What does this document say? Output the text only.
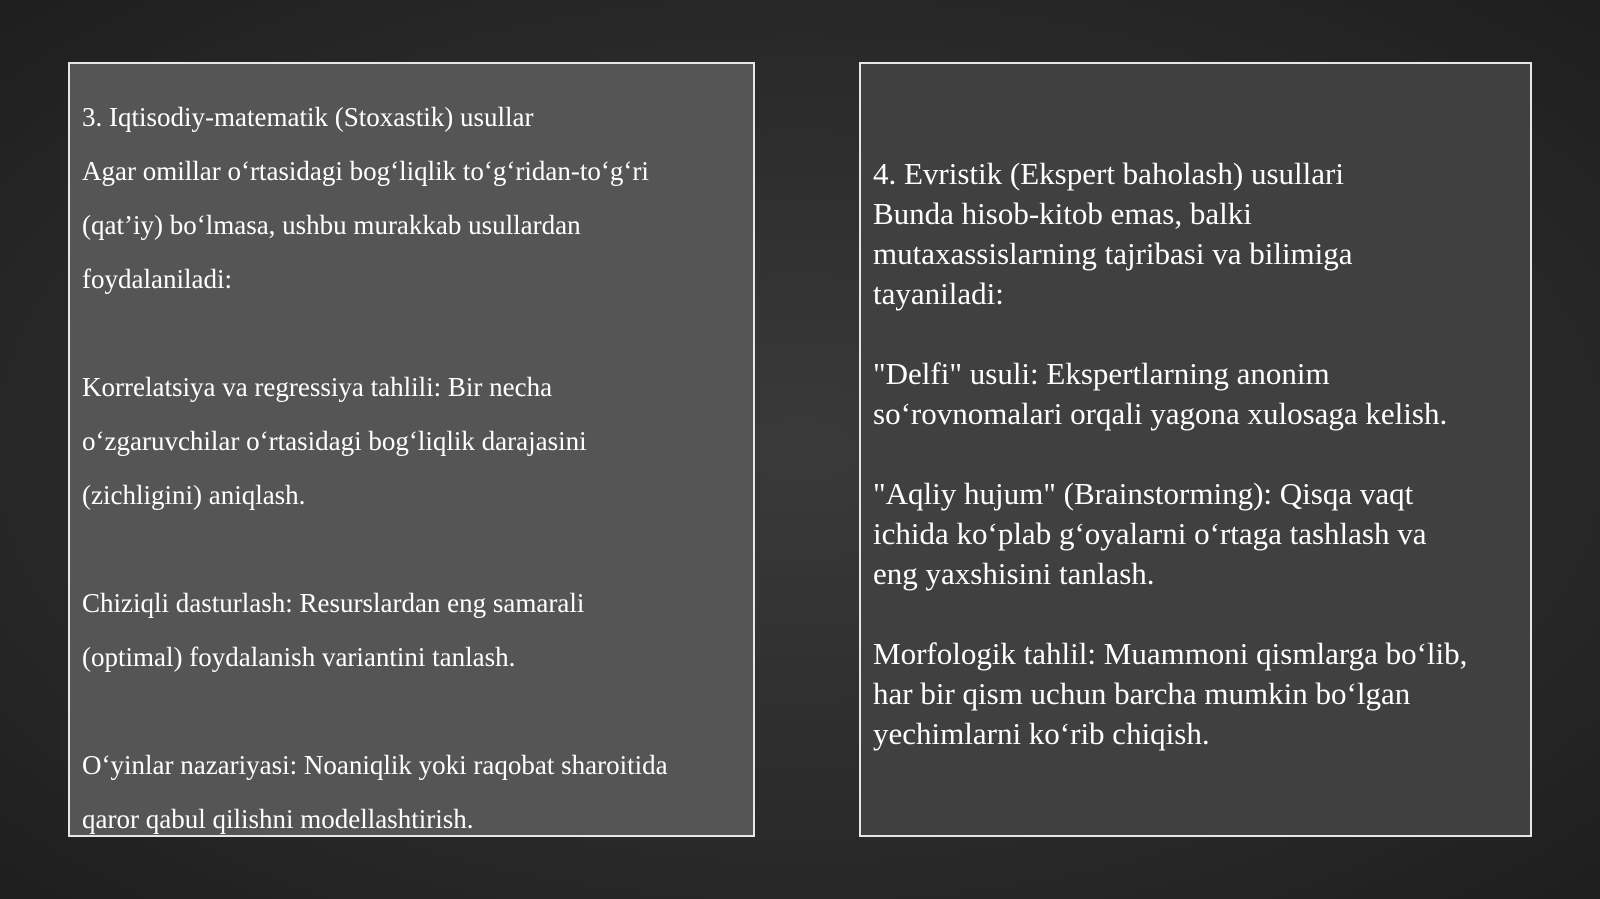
3. Iqtisodiy-matematik (Stoxastik) usullar

Agar omillar o‘rtasidagi bog‘liqlik to‘g‘ridan-to‘g‘ri

(qat’iy) bo‘lmasa, ushbu murakkab usullardan

foydalaniladi:

Korrelatsiya va regressiya tahlili: Bir necha

o‘zgaruvchilar o‘rtasidagi bog‘liqlik darajasini

(zichligini) aniqlash.

Chiziqli dasturlash: Resurslardan eng samarali

(optimal) foydalanish variantini tanlash.

O‘yinlar nazariyasi: Noaniqlik yoki raqobat sharoitida

qaror qabul qilishni modellashtirish.

4. Evristik (Ekspert baholash) usullari

Bunda hisob-kitob emas, balki

mutaxassislarning tajribasi va bilimiga

tayaniladi:

"Delfi" usuli: Ekspertlarning anonim

so‘rovnomalari orqali yagona xulosaga kelish.

"Aqliy hujum" (Brainstorming): Qisqa vaqt

ichida ko‘plab g‘oyalarni o‘rtaga tashlash va

eng yaxshisini tanlash.

Morfologik tahlil: Muammoni qismlarga bo‘lib,

har bir qism uchun barcha mumkin bo‘lgan

yechimlarni ko‘rib chiqish.
